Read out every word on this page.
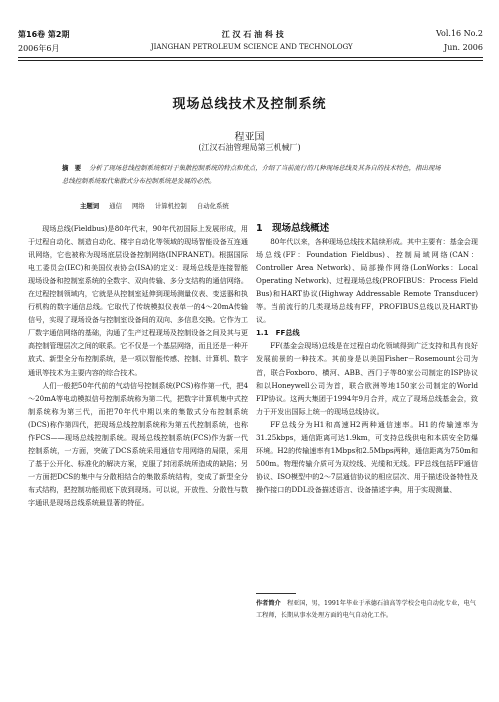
第16卷 第2期	江 汉 石 油 科 技	Vol.16 No.2
2006年6月	JIANGHAN PETROLEUM SCIENCE AND TECHNOLOGY	Jun. 2006
现场总线技术及控制系统
程亚国
(江汉石油管理局第三机械厂)
摘　要 分析了现场总线控制系统相对于集散控制系统的特点和优点，介绍了当前流行的几种现场总线及其各自的技术特色，指出现场总线控制系统取代集散式分布控制系统是发展的必然。
主题词 通信 网络 计算机控制 自动化系统

现场总线(Fieldbus)是80年代末，90年代初国际上发展形成，用于过程自动化、制造自动化、楼宇自动化等领域的现场智能设备互连通讯网络，它也被称为现场底层设备控制网络(INFRANET)。根据国际电工委员会(IEC)和美国仪表协会(ISA)的定义：现场总线是连接智能现场设备和控制室系统的全数字、双向传输、多分支结构的通信网络。在过程控制领域内，它就是从控制室延伸到现场测量仪表、变送器和执行机构的数字通信总线。它取代了传统模拟仪表单一的4～20mA传输信号，实现了现场设备与控制室设备间的双向、多信息交换。它作为工厂数字通信网络的基础，沟通了生产过程现场及控制设备之间及其与更高控制管理层次之间的联系。它不仅是一个基层网络，而且还是一种开放式、新型全分布控制系统，是一项以智能传感、控制、计算机、数字通讯等技术为主要内容的综合技术。

人们一般把50年代前的气动信号控制系统(PCS)称作第一代，把4～20mA等电动模拟信号控制系统称为第二代，把数字计算机集中式控制系统称为第三代，而把70年代中期以来的集散式分布控制系统(DCS)称作第四代，把现场总线控制系统称为第五代控制系统，也称作FCS——现场总线控制系统。现场总线控制系统(FCS)作为新一代控制系统，一方面，突破了DCS系统采用通信专用网络的局限，采用了基于公开化、标准化的解决方案，克服了封闭系统所造成的缺陷；另一方面把DCS的集中与分散相结合的集散系统结构，变成了新型全分布式结构，把控制功能彻底下放到现场。可以说，开放性、分散性与数字通讯是现场总线系统最显著的特征。

1　现场总线概述

80年代以来，各种现场总线技术陆续形成。其中主要有：基金会现场总线(FF：Foundation Fieldbus)、控制局域网络(CAN：Controller Area Network)、局部操作网络(LonWorks：Local Operating Network)、过程现场总线(PROFIBUS：Process Field Bus)和HART协议(Highway Addressable Remote Transducer)等。当前流行的几类现场总线有FF，PROFIBUS总线以及HART协议。

1.1　FF总线

FF(基金会现场)总线是在过程自动化领域得到广泛支持和具有良好发展前景的一种技术。其前身是以美国Fisher－Rosemount公司为首，联合Foxboro、横河、ABB、西门子等80家公司制定的ISP协议和以Honeywell公司为首，联合欧洲等地150家公司制定的World FIP协议。这两大集团于1994年9月合并，成立了现场总线基金会，致力于开发出国际上统一的现场总线协议。

FF总线分为H1和高速H2两种通信速率。H1的传输速率为31.25kbps，通信距离可达1.9km，可支持总线供电和本质安全防爆环境。H2的传输速率有1Mbps和2.5Mbps两种，通信距离为750m和500m。物理传输介质可为双绞线、光缆和无线。FF总线包括FF通信协议、ISO模型中的2～7层通信协议的相应层次、用于描述设备特性及操作接口的DDL设备描述语言、设备描述字典，用于实现测量、

作者简介　 程亚国，男，1991年毕业于承德石油高等学校会电自动化专业，电气工程师，长期从事水处理方面的电气自动化工作。
